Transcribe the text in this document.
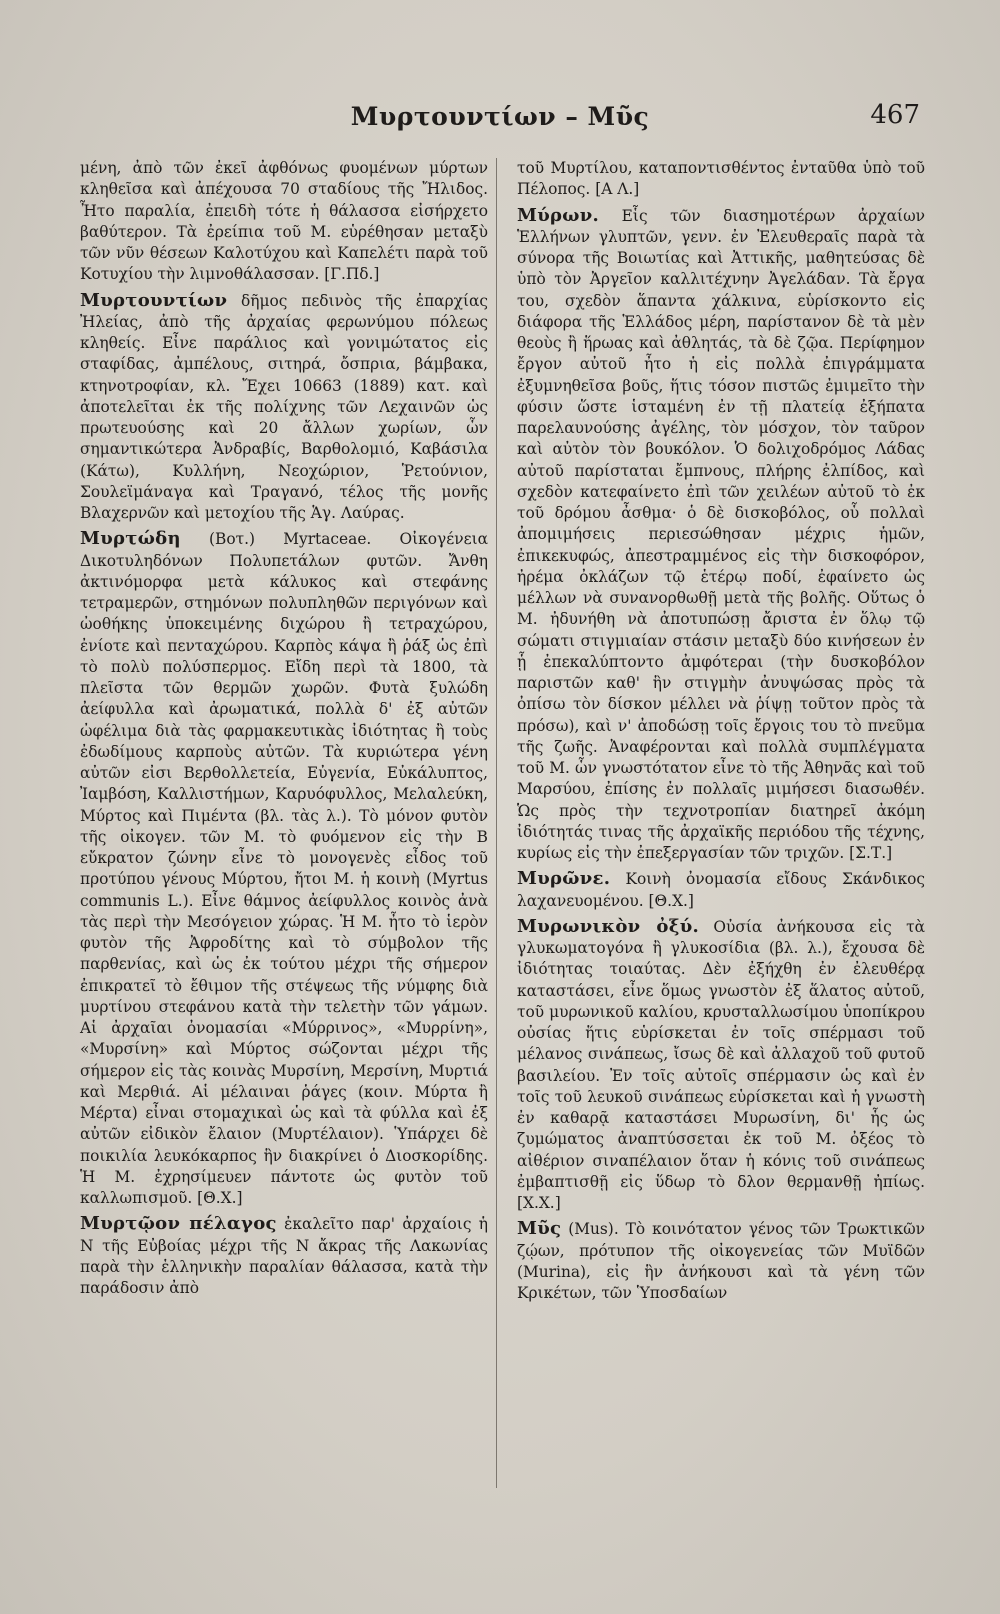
Μυρτουντίων – Μῦς	467

μένη, ἀπὸ τῶν ἐκεῖ ἀφθόνως φυομένων μύρτων κληθεῖσα καὶ ἀπέχουσα 70 σταδίους τῆς Ἤλιδος. Ἦτο παραλία, ἐπειδὴ τότε ἡ θάλασσα εἰσήρχετο βαθύτερον. Τὰ ἐρείπια τοῦ Μ. εὑρέθησαν μεταξὺ τῶν νῦν θέσεων Καλοτύχου καὶ Καπελέτι παρὰ τοῦ Κοτυχίου τὴν λιμνοθάλασσαν. [Γ.Πδ.]

Μυρτουντίων δῆμος πεδινὸς τῆς ἐπαρχίας Ἠλείας, ἀπὸ τῆς ἀρχαίας φερωνύμου πόλεως κληθείς. Εἶνε παράλιος καὶ γονιμώτατος εἰς σταφίδας, ἀμπέλους, σιτηρά, ὄσπρια, βάμβακα, κτηνοτροφίαν, κλ. Ἔχει 10663 (1889) κατ. καὶ ἀποτελεῖται ἐκ τῆς πολίχνης τῶν Λεχαινῶν ὡς πρωτευούσης καὶ 20 ἄλλων χωρίων, ὧν σημαντικώτερα Ἀνδραβίς, Βαρθολομιό, Καβάσιλα (Κάτω), Κυλλήνη, Νεοχώριον, Ῥετούνιον, Σουλεϊμάναγα καὶ Τραγανό, τέλος τῆς μονῆς Βλαχερνῶν καὶ μετοχίου τῆς Ἁγ. Λαύρας.

Μυρτώδη (Βοτ.) Myrtaceae. Οἰκογένεια Δικοτυληδόνων Πολυπετάλων φυτῶν. Ἄνθη ἀκτινόμορφα μετὰ κάλυκος καὶ στεφάνης τετραμερῶν, στημόνων πολυπληθῶν περιγόνων καὶ ὠοθήκης ὑποκειμένης διχώρου ἢ τετραχώρου, ἐνίοτε καὶ πενταχώρου. Καρπὸς κάψα ἢ ῥάξ ὡς ἐπὶ τὸ πολὺ πολύσπερμος. Εἴδη περὶ τὰ 1800, τὰ πλεῖστα τῶν θερμῶν χωρῶν. Φυτὰ ξυλώδη ἀείφυλλα καὶ ἀρωματικά, πολλὰ δ' ἐξ αὐτῶν ὠφέλιμα διὰ τὰς φαρμακευτικὰς ἰδιότητας ἢ τοὺς ἐδωδίμους καρποὺς αὐτῶν. Τὰ κυριώτερα γένη αὐτῶν εἰσι Βερθολλετεία, Εὐγενία, Εὐκάλυπτος, Ἰαμβόση, Καλλιστήμων, Καρυόφυλλος, Μελαλεύκη, Μύρτος καὶ Πιμέντα (βλ. τὰς λ.). Τὸ μόνον φυτὸν τῆς οἰκογεν. τῶν Μ. τὸ φυόμενον εἰς τὴν Β εὔκρατον ζώνην εἶνε τὸ μονογενὲς εἶδος τοῦ προτύπου γένους Μύρτου, ἤτοι Μ. ἡ κοινὴ (Myrtus communis L.). Εἶνε θάμνος ἀείφυλλος κοινὸς ἀνὰ τὰς περὶ τὴν Μεσόγειον χώρας. Ἡ Μ. ἦτο τὸ ἱερὸν φυτὸν τῆς Ἀφροδίτης καὶ τὸ σύμβολον τῆς παρθενίας, καὶ ὡς ἐκ τούτου μέχρι τῆς σήμερον ἐπικρατεῖ τὸ ἔθιμον τῆς στέψεως τῆς νύμφης διὰ μυρτίνου στεφάνου κατὰ τὴν τελετὴν τῶν γάμων. Αἱ ἀρχαῖαι ὀνομασίαι «Μύρρινος», «Μυρρίνη», «Μυρσίνη» καὶ Μύρτος σώζονται μέχρι τῆς σήμερον εἰς τὰς κοινὰς Μυρσίνη, Μερσίνη, Μυρτιά καὶ Μερθιά. Αἱ μέλαιναι ῥάγες (κοιν. Μύρτα ἢ Μέρτα) εἶναι στομαχικαὶ ὡς καὶ τὰ φύλλα καὶ ἐξ αὐτῶν εἰδικὸν ἔλαιον (Μυρτέλαιον). Ὑπάρχει δὲ ποικιλία λευκόκαρπος ἣν διακρίνει ὁ Διοσκορίδης. Ἡ Μ. ἐχρησίμευεν πάντοτε ὡς φυτὸν τοῦ καλλωπισμοῦ. [Θ.Χ.]

Μυρτῷον πέλαγος ἐκαλεῖτο παρ' ἀρχαίοις ἡ Ν τῆς Εὐβοίας μέχρι τῆς Ν ἄκρας τῆς Λακωνίας παρὰ τὴν ἑλληνικὴν παραλίαν θάλασσα, κατὰ τὴν παράδοσιν ἀπὸ

τοῦ Μυρτίλου, καταποντισθέντος ἐνταῦθα ὑπὸ τοῦ Πέλοπος. [Α Λ.]

Μύρων. Εἷς τῶν διασημοτέρων ἀρχαίων Ἑλλήνων γλυπτῶν, γενν. ἐν Ἐλευθεραῖς παρὰ τὰ σύνορα τῆς Βοιωτίας καὶ Ἀττικῆς, μαθητεύσας δὲ ὑπὸ τὸν Ἀργεῖον καλλιτέχνην Ἀγελάδαν. Τὰ ἔργα του, σχεδὸν ἅπαντα χάλκινα, εὑρίσκοντο εἰς διάφορα τῆς Ἑλλάδος μέρη, παρίστανον δὲ τὰ μὲν θεοὺς ἢ ἥρωας καὶ ἀθλητάς, τὰ δὲ ζῷα. Περίφημον ἔργον αὐτοῦ ἦτο ἡ εἰς πολλὰ ἐπιγράμματα ἐξυμνηθεῖσα βοῦς, ἥτις τόσον πιστῶς ἐμιμεῖτο τὴν φύσιν ὥστε ἱσταμένη ἐν τῇ πλατείᾳ ἐξήπατα παρελαυνούσης ἀγέλης, τὸν μόσχον, τὸν ταῦρον καὶ αὐτὸν τὸν βουκόλον. Ὁ δολιχοδρόμος Λάδας αὐτοῦ παρίσταται ἔμπνους, πλήρης ἐλπίδος, καὶ σχεδὸν κατεφαίνετο ἐπὶ τῶν χειλέων αὐτοῦ τὸ ἐκ τοῦ δρόμου ἆσθμα· ὁ δὲ δισκοβόλος, οὗ πολλαὶ ἀπομιμήσεις περιεσώθησαν μέχρις ἡμῶν, ἐπικεκυφώς, ἀπεστραμμένος εἰς τὴν δισκοφόρον, ἠρέμα ὀκλάζων τῷ ἑτέρῳ ποδί, ἐφαίνετο ὡς μέλλων νὰ συνανορθωθῇ μετὰ τῆς βολῆς. Οὕτως ὁ Μ. ἠδυνήθη νὰ ἀποτυπώσῃ ἄριστα ἐν ὅλῳ τῷ σώματι στιγμιαίαν στάσιν μεταξὺ δύο κινήσεων ἐν ᾗ ἐπεκαλύπτοντο ἀμφότεραι (τὴν δυσκοβόλον παριστῶν καθ' ἣν στιγμὴν ἀνυψώσας πρὸς τὰ ὀπίσω τὸν δίσκον μέλλει νὰ ῥίψῃ τοῦτον πρὸς τὰ πρόσω), καὶ ν' ἀποδώσῃ τοῖς ἔργοις του τὸ πνεῦμα τῆς ζωῆς. Ἀναφέρονται καὶ πολλὰ συμπλέγματα τοῦ Μ. ὧν γνωστότατον εἶνε τὸ τῆς Ἀθηνᾶς καὶ τοῦ Μαρσύου, ἐπίσης ἐν πολλαῖς μιμήσεσι διασωθέν. Ὡς πρὸς τὴν τεχνοτροπίαν διατηρεῖ ἀκόμη ἰδιότητάς τινας τῆς ἀρχαϊκῆς περιόδου τῆς τέχνης, κυρίως εἰς τὴν ἐπεξεργασίαν τῶν τριχῶν. [Σ.Τ.]

Μυρῶνε. Κοινὴ ὀνομασία εἴδους Σκάνδικος λαχανευομένου. [Θ.Χ.]

Μυρωνικὸν ὀξύ. Οὐσία ἀνήκουσα εἰς τὰ γλυκωματογόνα ἢ γλυκοσίδια (βλ. λ.), ἔχουσα δὲ ἰδιότητας τοιαύτας. Δὲν ἐξήχθη ἐν ἐλευθέρᾳ καταστάσει, εἶνε ὅμως γνωστὸν ἐξ ἅλατος αὐτοῦ, τοῦ μυρωνικοῦ καλίου, κρυσταλλωσίμου ὑποπίκρου οὐσίας ἥτις εὑρίσκεται ἐν τοῖς σπέρμασι τοῦ μέλανος σινάπεως, ἴσως δὲ καὶ ἀλλαχοῦ τοῦ φυτοῦ βασιλείου. Ἐν τοῖς αὐτοῖς σπέρμασιν ὡς καὶ ἐν τοῖς τοῦ λευκοῦ σινάπεως εὑρίσκεται καὶ ἡ γνωστὴ ἐν καθαρᾷ καταστάσει Μυρωσίνη, δι' ἧς ὡς ζυμώματος ἀναπτύσσεται ἐκ τοῦ Μ. ὀξέος τὸ αἰθέριον σιναπέλαιον ὅταν ἡ κόνις τοῦ σινάπεως ἐμβαπτισθῇ εἰς ὕδωρ τὸ δλον θερμανθῇ ἠπίως. [Χ.Χ.]

Μῦς (Mus). Τὸ κοινότατον γένος τῶν Τρωκτικῶν ζῴων, πρότυπον τῆς οἰκογενείας τῶν Μυϊδῶν (Murina), εἰς ἣν ἀνήκουσι καὶ τὰ γένη τῶν Κρικέτων, τῶν Ὑποσδαίων
